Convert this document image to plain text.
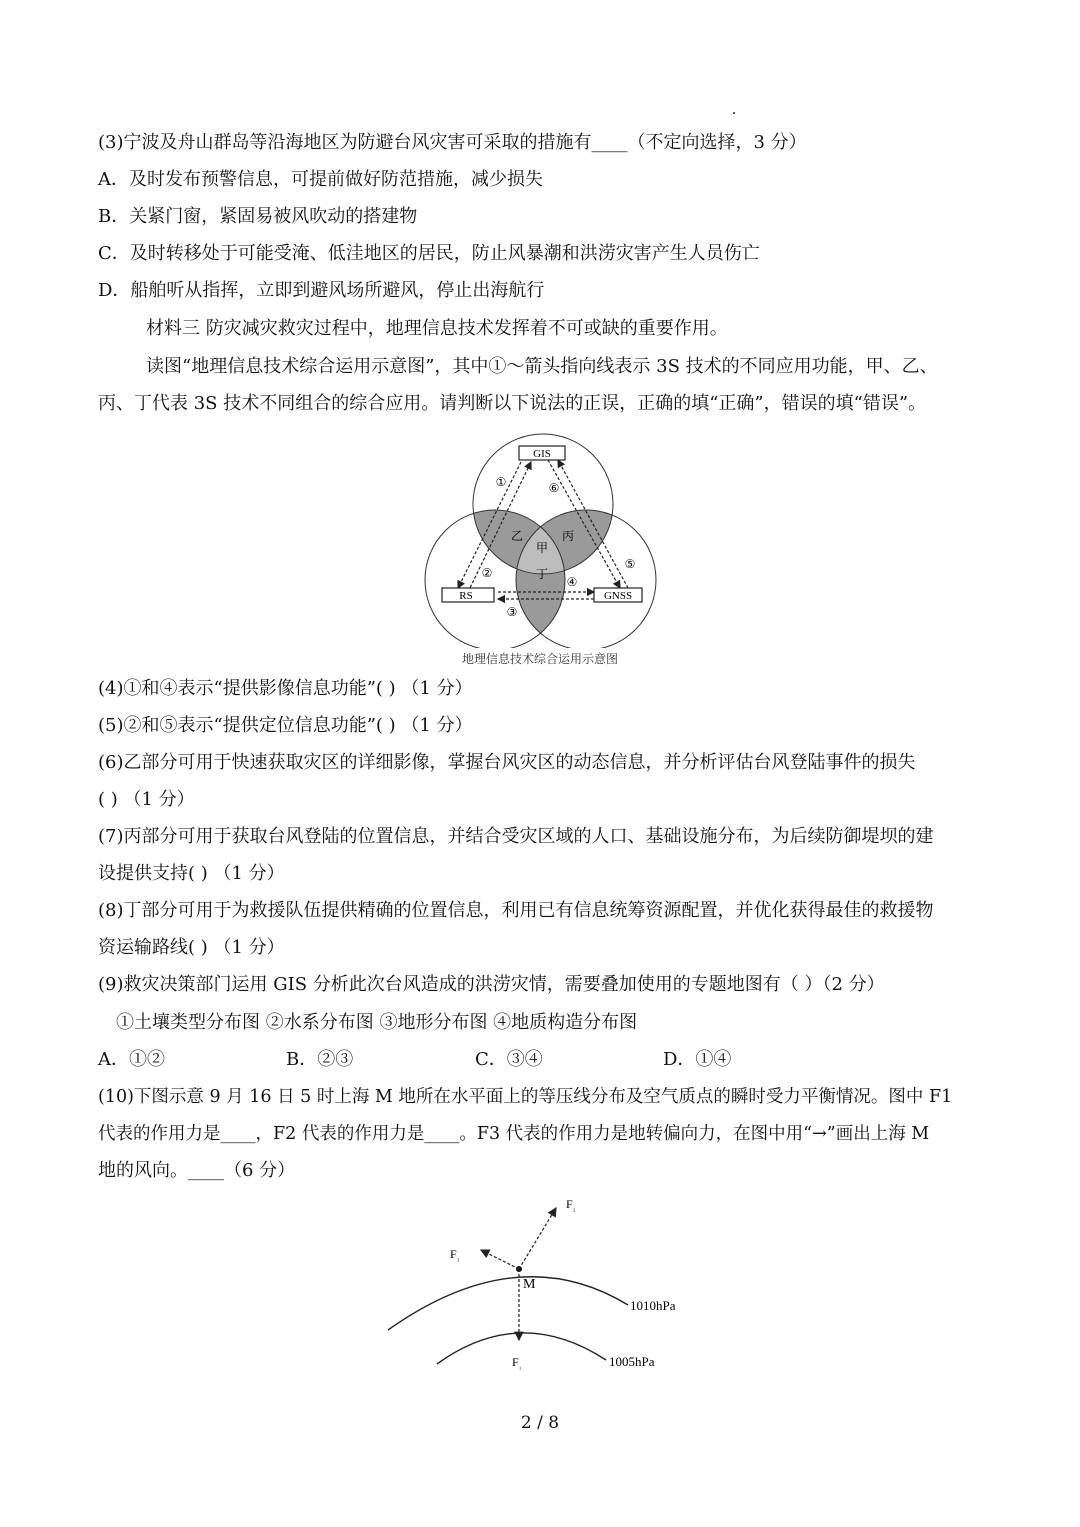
(3)宁波及舟山群岛等沿海地区为防避台风灾害可采取的措施有____（不定向选择，3 分）
A．及时发布预警信息，可提前做好防范措施，减少损失
B．关紧门窗，紧固易被风吹动的搭建物
C．及时转移处于可能受淹、低洼地区的居民，防止风暴潮和洪涝灾害产生人员伤亡
D．船舶听从指挥，立即到避风场所避风，停止出海航行
材料三 防灾减灾救灾过程中，地理信息技术发挥着不可或缺的重要作用。
读图“地理信息技术综合运用示意图”，其中①～箭头指向线表示 3S 技术的不同应用功能，甲、乙、
丙、丁代表 3S 技术不同组合的综合应用。请判断以下说法的正误，正确的填“正确”，错误的填“错误”。
GIS
RS	GNSS
乙	丙
甲
丁
①	⑥
②
⑤
④
③
地理信息技术综合运用示意图
(4)①和④表示“提供影像信息功能”( ) （1 分）
(5)②和⑤表示“提供定位信息功能”( ) （1 分）
(6)乙部分可用于快速获取灾区的详细影像，掌握台风灾区的动态信息，并分析评估台风登陆事件的损失
( ) （1 分）
(7)丙部分可用于获取台风登陆的位置信息，并结合受灾区域的人口、基础设施分布，为后续防御堤坝的建
设提供支持( ) （1 分）
(8)丁部分可用于为救援队伍提供精确的位置信息，利用已有信息统筹资源配置，并优化获得最佳的救援物
资运输路线( ) （1 分）
(9)救灾决策部门运用 GIS 分析此次台风造成的洪涝灾情，需要叠加使用的专题地图有（ ）（2 分）
①土壤类型分布图 ②水系分布图 ③地形分布图 ④地质构造分布图
A．①②	B．②③	C．③④	D．①④
(10)下图示意 9 月 16 日 5 时上海 M 地所在水平面上的等压线分布及空气质点的瞬时受力平衡情况。图中 F1
代表的作用力是____，F2 代表的作用力是____。F3 代表的作用力是地转偏向力，在图中用“→”画出上海 M
地的风向。____（6 分）
M
F₂
F₃
F₁
1010hPa
1005hPa
2 / 8
